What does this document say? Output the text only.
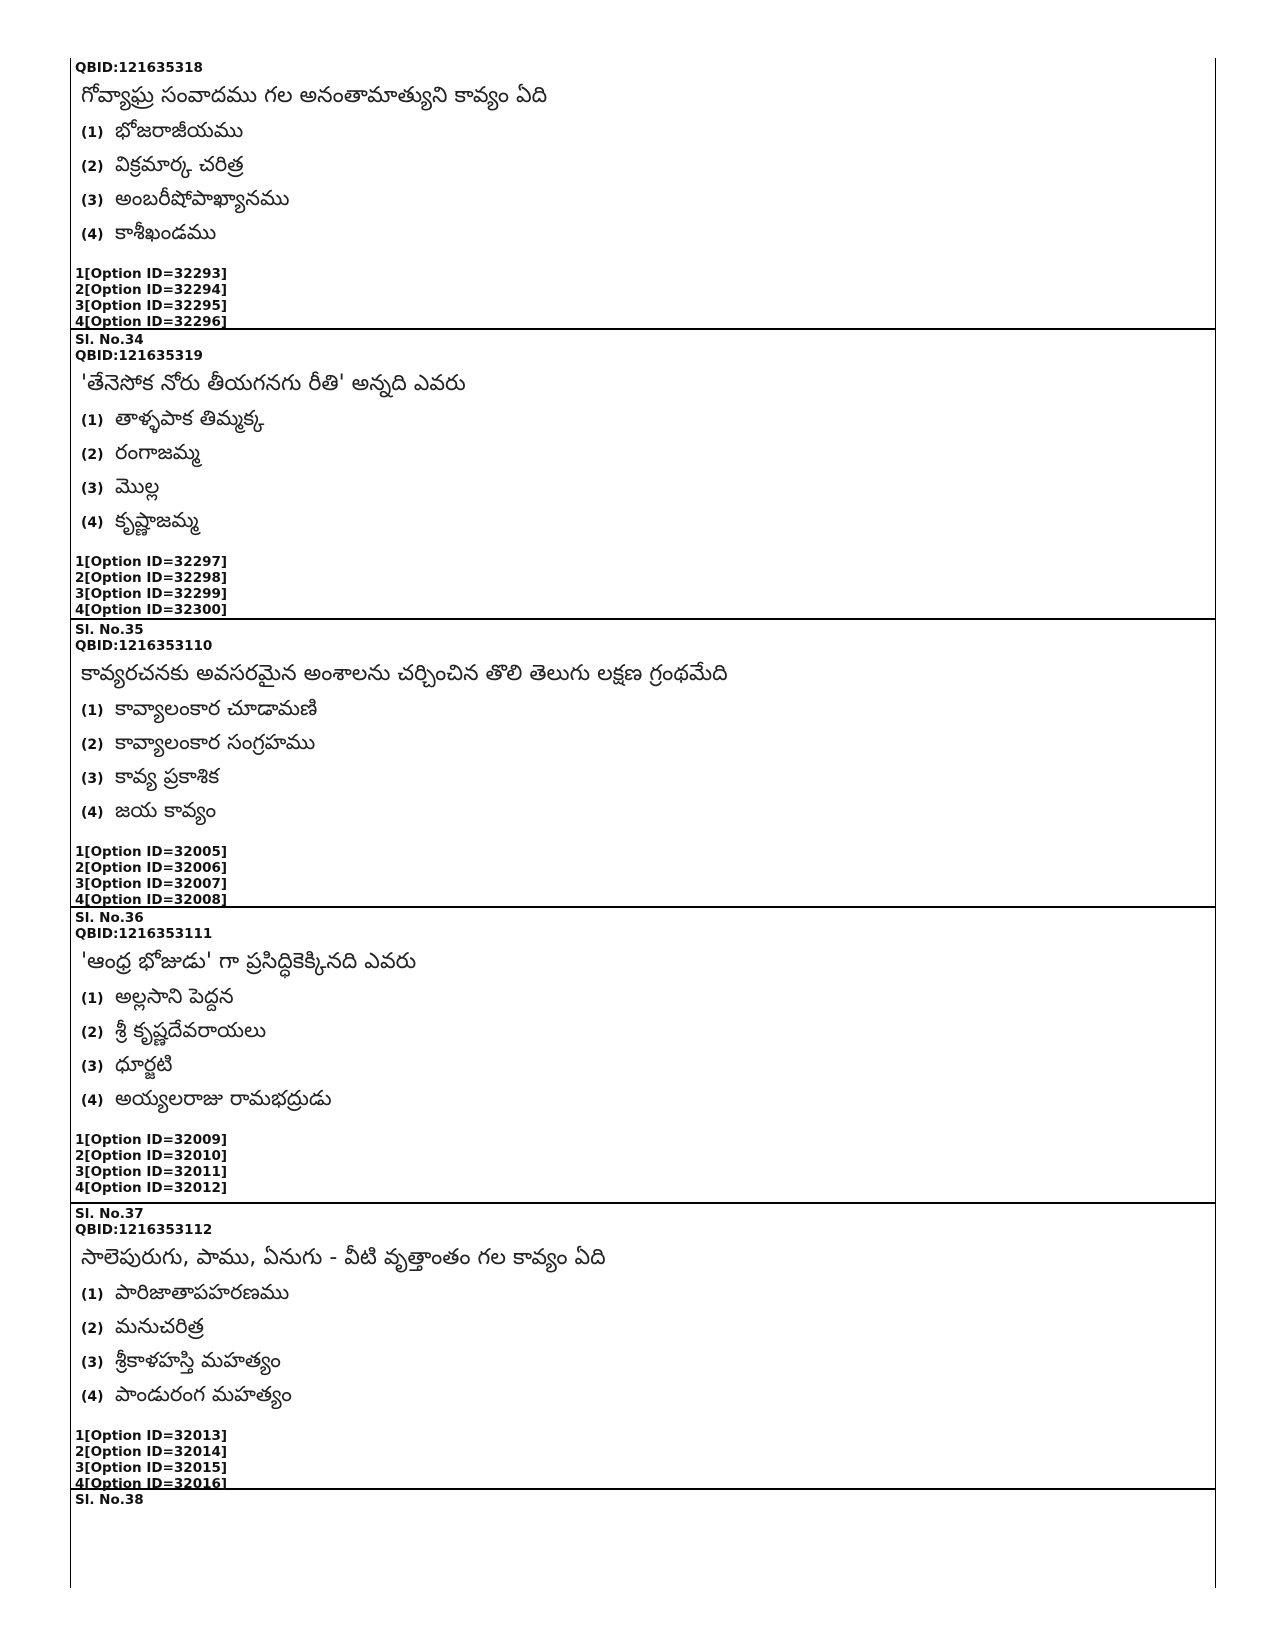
QBID:121635318
గోవ్యాఘ్ర సంవాదము గల అనంతామాత్యుని కావ్యం ఏది
(1) భోజరాజీయము
(2) విక్రమార్క చరిత్ర
(3) అంబరీషోపాఖ్యానము
(4) కాశీఖండము
1[Option ID=32293]
2[Option ID=32294]
3[Option ID=32295]
4[Option ID=32296]
Sl. No.34
QBID:121635319
'తేనెసోక నోరు తీయగనగు రీతి' అన్నది ఎవరు
(1) తాళ్ళపాక తిమ్మక్క
(2) రంగాజమ్మ
(3) మొల్ల
(4) కృష్ణాజమ్మ
1[Option ID=32297]
2[Option ID=32298]
3[Option ID=32299]
4[Option ID=32300]
Sl. No.35
QBID:1216353110
కావ్యరచనకు అవసరమైన అంశాలను చర్చించిన తొలి తెలుగు లక్షణ గ్రంథమేది
(1) కావ్యాలంకార చూడామణి
(2) కావ్యాలంకార సంగ్రహము
(3) కావ్య ప్రకాశిక
(4) జయ కావ్యం
1[Option ID=32005]
2[Option ID=32006]
3[Option ID=32007]
4[Option ID=32008]
Sl. No.36
QBID:1216353111
'ఆంధ్ర భోజుడు' గా ప్రసిద్ధికెక్కినది ఎవరు
(1) అల్లసాని పెద్దన
(2) శ్రీ కృష్ణదేవరాయలు
(3) ధూర్జటి
(4) అయ్యలరాజు రామభద్రుడు
1[Option ID=32009]
2[Option ID=32010]
3[Option ID=32011]
4[Option ID=32012]
Sl. No.37
QBID:1216353112
సాలెపురుగు, పాము, ఏనుగు - వీటి వృత్తాంతం గల కావ్యం ఏది
(1) పారిజాతాపహరణము
(2) మనుచరిత్ర
(3) శ్రీకాళహస్తి మహత్యం
(4) పాండురంగ మహత్యం
1[Option ID=32013]
2[Option ID=32014]
3[Option ID=32015]
4[Option ID=32016]
Sl. No.38
